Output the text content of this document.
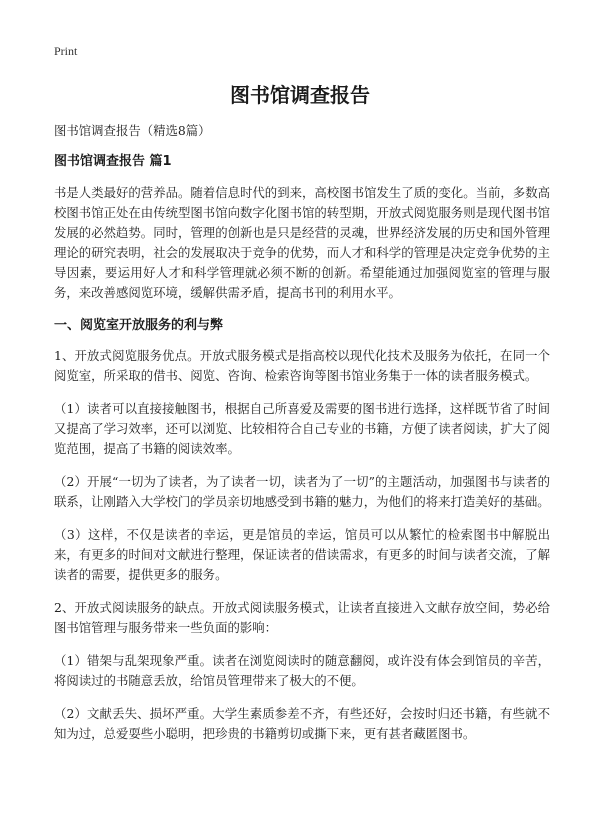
Print
图书馆调查报告

图书馆调查报告（精选8篇）

图书馆调查报告 篇1

书是人类最好的营养品。随着信息时代的到来，高校图书馆发生了质的变化。当前，多数高校图书馆正处在由传统型图书馆向数字化图书馆的转型期，开放式阅览服务则是现代图书馆发展的必然趋势。同时，管理的创新也是只是经营的灵魂，世界经济发展的历史和国外管理理论的研究表明，社会的发展取决于竞争的优势，而人才和科学的管理是决定竞争优势的主导因素，要运用好人才和科学管理就必须不断的创新。希望能通过加强阅览室的管理与服务，来改善感阅览环境，缓解供需矛盾，提高书刊的利用水平。

一、阅览室开放服务的利与弊

1、开放式阅览服务优点。开放式服务模式是指高校以现代化技术及服务为依托，在同一个阅览室，所采取的借书、阅览、咨询、检索咨询等图书馆业务集于一体的读者服务模式。

（1）读者可以直接接触图书，根据自己所喜爱及需要的图书进行选择，这样既节省了时间又提高了学习效率，还可以浏览、比较相符合自己专业的书籍，方便了读者阅读，扩大了阅览范围，提高了书籍的阅读效率。

（2）开展“一切为了读者，为了读者一切，读者为了一切”的主题活动，加强图书与读者的联系，让刚踏入大学校门的学员亲切地感受到书籍的魅力，为他们的将来打造美好的基础。

（3）这样，不仅是读者的幸运，更是馆员的幸运，馆员可以从繁忙的检索图书中解脱出来，有更多的时间对文献进行整理，保证读者的借读需求，有更多的时间与读者交流，了解读者的需要，提供更多的服务。

2、开放式阅读服务的缺点。开放式阅读服务模式，让读者直接进入文献存放空间，势必给图书馆管理与服务带来一些负面的影响：

（1）错架与乱架现象严重。读者在浏览阅读时的随意翻阅，或许没有体会到馆员的辛苦，将阅读过的书随意丢放，给馆员管理带来了极大的不便。

（2）文献丢失、损坏严重。大学生素质参差不齐，有些还好，会按时归还书籍，有些就不知为过，总爱耍些小聪明，把珍贵的书籍剪切或撕下来，更有甚者藏匿图书。
